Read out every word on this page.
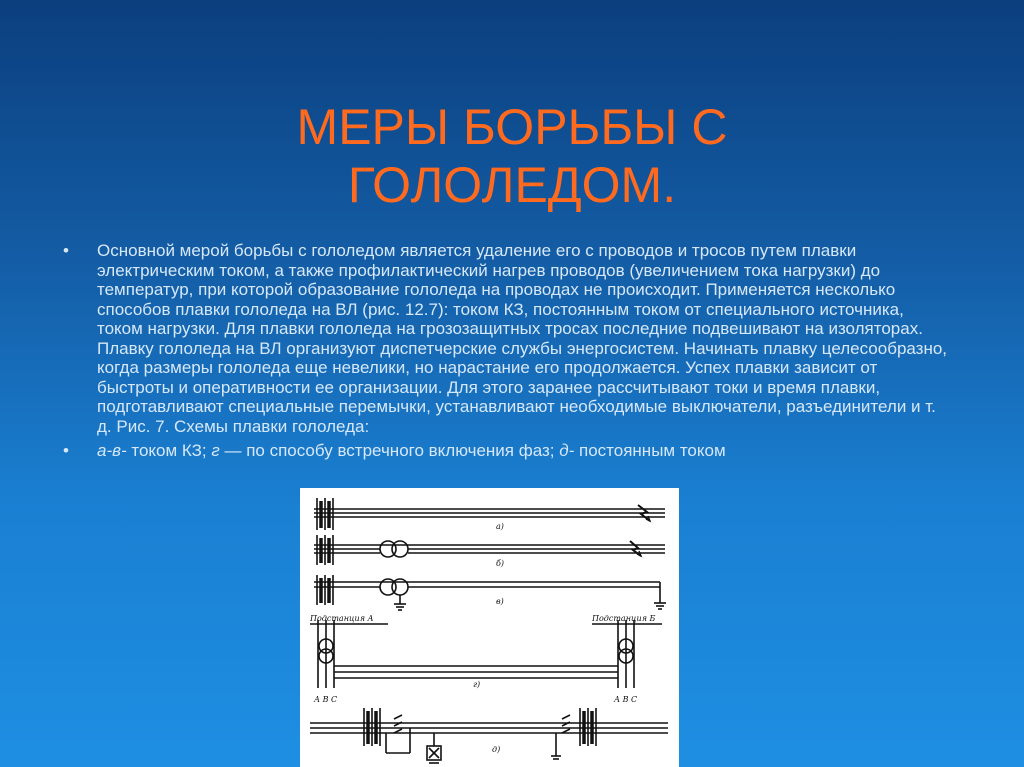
МЕРЫ БОРЬБЫ С
ГОЛОЛЕДОМ.
• Основной мерой борьбы с гололедом является удаление его с проводов и тросов путем плавки электрическим током, а также профилактический нагрев проводов (увеличением тока нагрузки) до температур, при которой образование гололеда на проводах не происходит. Применяется несколько способов плавки гололеда на ВЛ (рис. 12.7): током КЗ, постоянным током от специального источника, током нагрузки. Для плавки гололеда на грозозащитных тросах последние подвешивают на изоляторах. Плавку гололеда на ВЛ организуют диспетчерские службы энергосистем. Начинать плавку целесообразно, когда размеры гололеда еще невелики, но нарастание его продолжается. Успех плавки зависит от быстроты и оперативности ее организации. Для этого заранее рассчитывают токи и время плавки, подготавливают специальные перемычки, устанавливают необходимые выключатели, разъединители и т. д. Рис. 7. Схемы плавки гололеда:
• а-в- током КЗ; г — по способу встречного включения фаз; д- постоянным током
а)
б)
в)
Подстанция А	Подстанция Б
г)
А В С	А В С
д)
